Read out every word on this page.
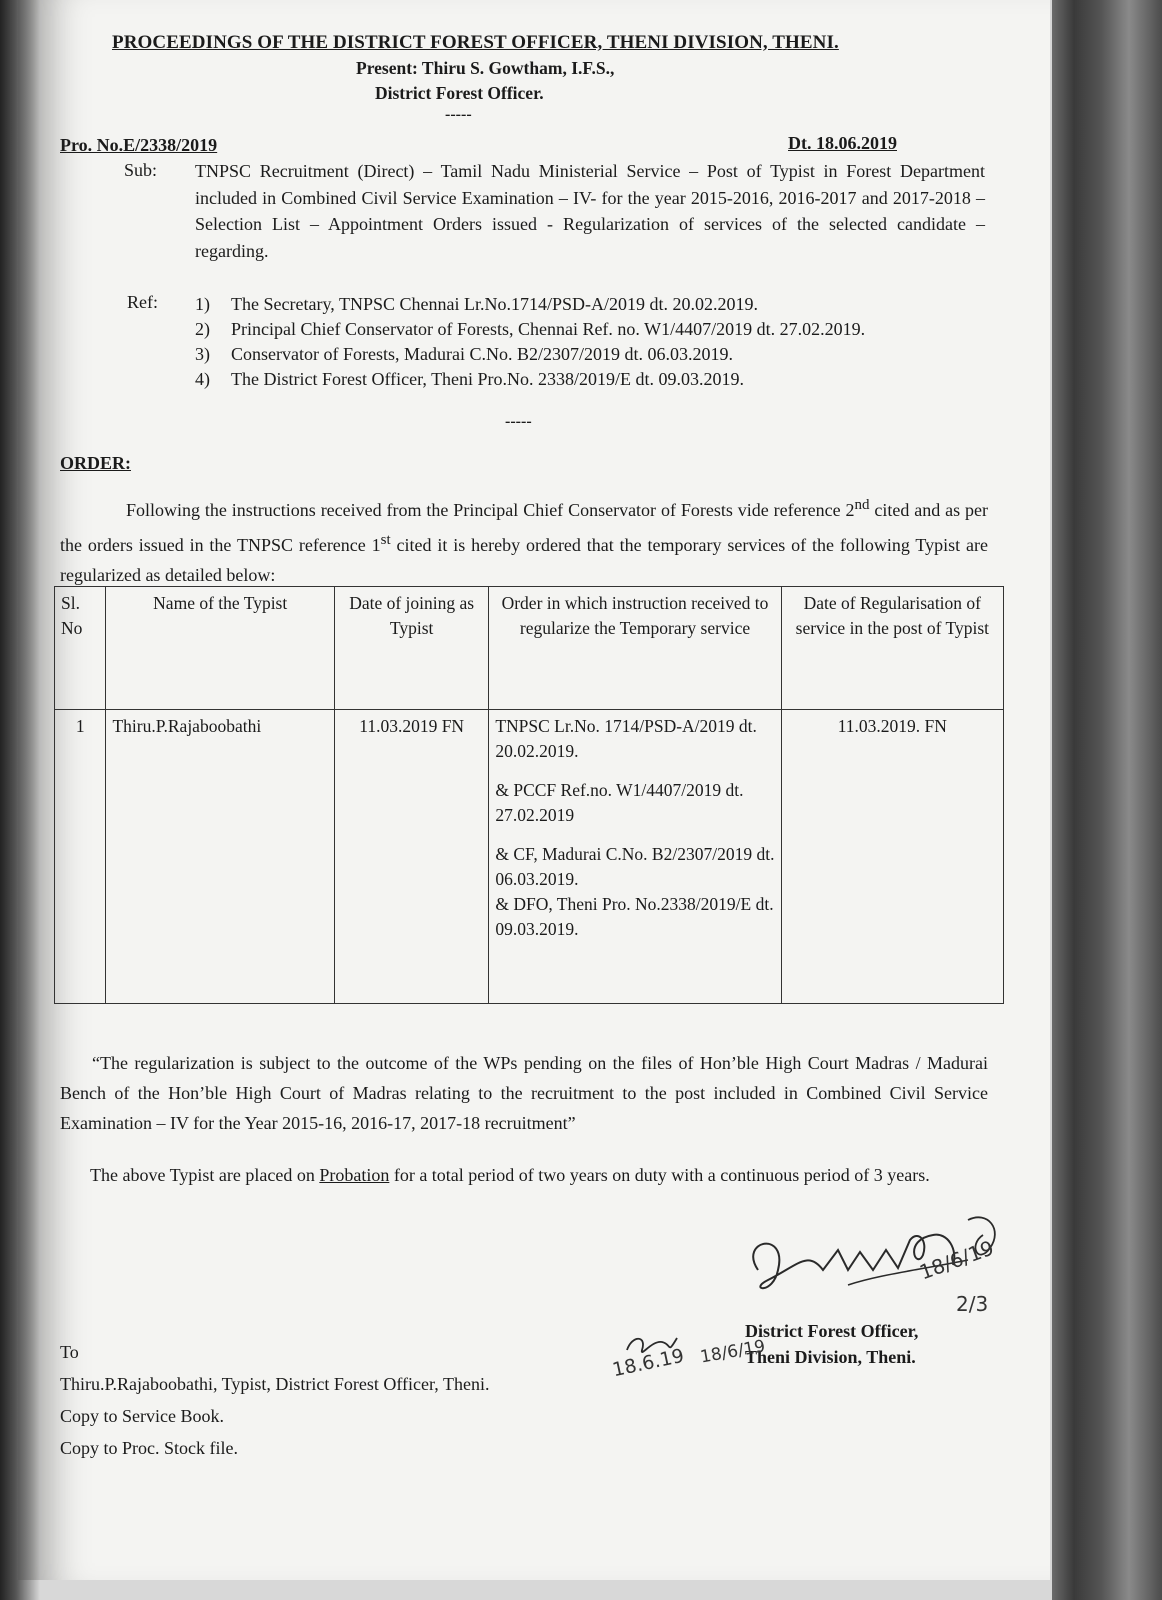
PROCEEDINGS OF THE DISTRICT FOREST OFFICER, THENI DIVISION, THENI.
Present: Thiru S. Gowtham, I.F.S.,
District Forest Officer.
-----
Pro. No.E/2338/2019	Dt. 18.06.2019
Sub: TNPSC Recruitment (Direct) – Tamil Nadu Ministerial Service – Post of Typist in Forest Department included in Combined Civil Service Examination – IV- for the year 2015-2016, 2016-2017 and 2017-2018 – Selection List – Appointment Orders issued - Regularization of services of the selected candidate – regarding.
Ref: 1)	The Secretary, TNPSC Chennai Lr.No.1714/PSD-A/2019 dt. 20.02.2019.
2)	Principal Chief Conservator of Forests, Chennai Ref. no. W1/4407/2019 dt. 27.02.2019.
3)	Conservator of Forests, Madurai C.No. B2/2307/2019 dt. 06.03.2019.
4)	The District Forest Officer, Theni Pro.No. 2338/2019/E dt. 09.03.2019.
-----
ORDER:
Following the instructions received from the Principal Chief Conservator of Forests vide reference 2nd cited and as per the orders issued in the TNPSC reference 1st cited it is hereby ordered that the temporary services of the following Typist are regularized as detailed below:
Sl. No	Name of the Typist	Date of joining as Typist	Order in which instruction received to regularize the Temporary service	Date of Regularisation of service in the post of Typist
1	Thiru.P.Rajaboobathi	11.03.2019 FN	TNPSC Lr.No. 1714/PSD-A/2019 dt. 20.02.2019.
& PCCF Ref.no. W1/4407/2019 dt. 27.02.2019
& CF, Madurai C.No. B2/2307/2019 dt. 06.03.2019.
& DFO, Theni Pro. No.2338/2019/E dt. 09.03.2019.	11.03.2019. FN
“The regularization is subject to the outcome of the WPs pending on the files of Hon’ble High Court Madras / Madurai Bench of the Hon’ble High Court of Madras relating to the recruitment to the post included in Combined Civil Service Examination – IV for the Year 2015-16, 2016-17, 2017-18 recruitment”
The above Typist are placed on Probation for a total period of two years on duty with a continuous period of 3 years.
18/6/19
District Forest Officer,
Theni Division, Theni.
2/3
To
Thiru.P.Rajaboobathi, Typist, District Forest Officer, Theni.
Copy to Service Book.
Copy to Proc. Stock file.
18.6.19 18/6/19
